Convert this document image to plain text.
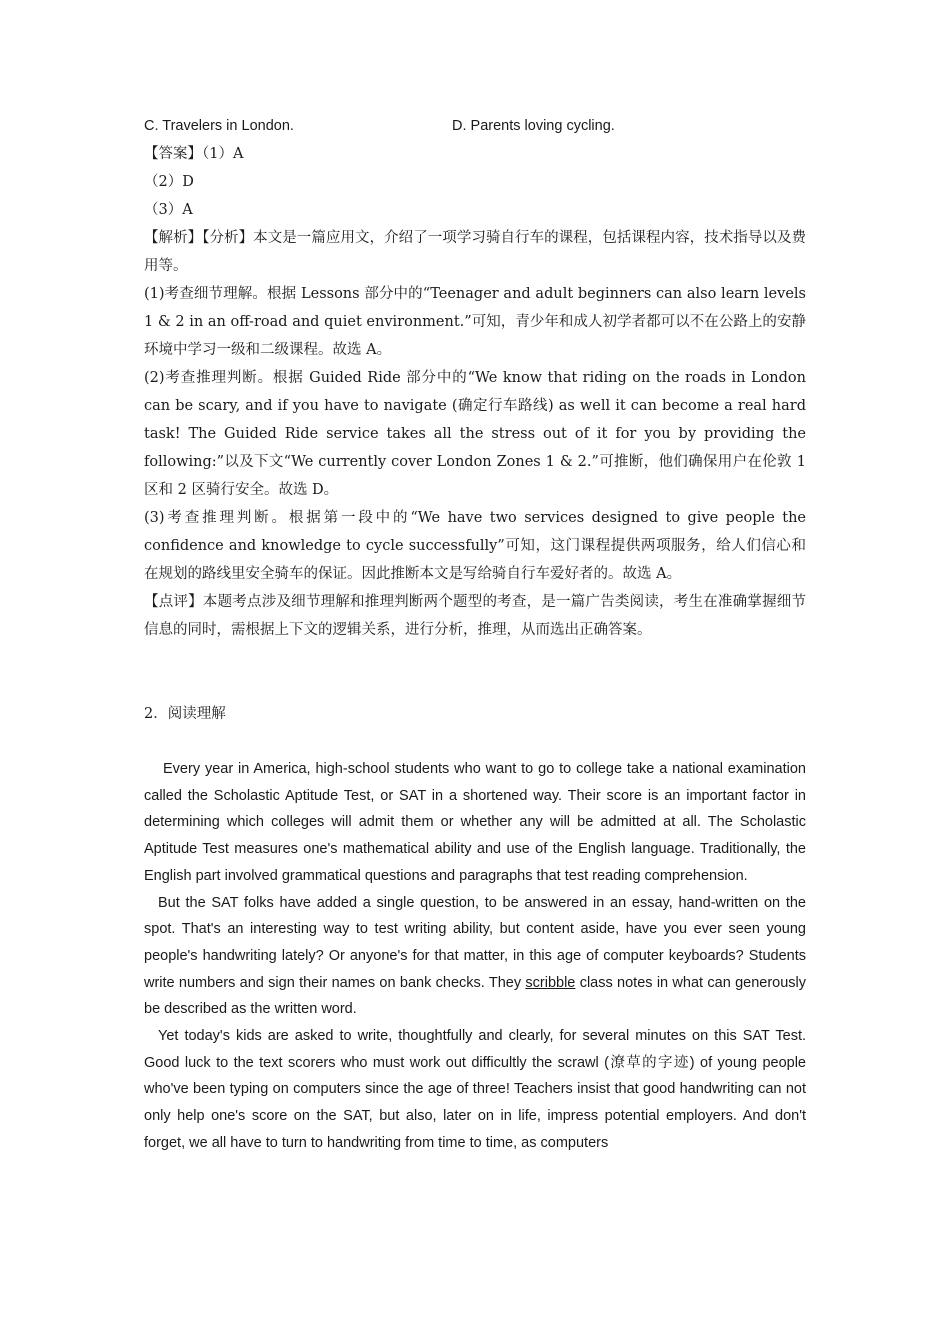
C. Travelers in London.	D. Parents loving cycling.
【答案】（1）A
（2）D
（3）A

【解析】【分析】本文是一篇应用文，介绍了一项学习骑自行车的课程，包括课程内容，技术指导以及费用等。

(1)考查细节理解。根据 Lessons 部分中的“Teenager and adult beginners can also learn levels 1 & 2 in an off-road and quiet environment.”可知，青少年和成人初学者都可以不在公路上的安静环境中学习一级和二级课程。故选 A。

(2)考查推理判断。根据 Guided Ride 部分中的“We know that riding on the roads in London can be scary, and if you have to navigate (确定行车路线) as well it can become a real hard task! The Guided Ride service takes all the stress out of it for you by providing the following:”以及下文“We currently cover London Zones 1 & 2.”可推断，他们确保用户在伦敦 1 区和 2 区骑行安全。故选 D。

(3)考查推理判断。根据第一段中的“We have two services designed to give people the confidence and knowledge to cycle successfully”可知，这门课程提供两项服务，给人们信心和在规划的路线里安全骑车的保证。因此推断本文是写给骑自行车爱好者的。故选 A。

【点评】本题考点涉及细节理解和推理判断两个题型的考查，是一篇广告类阅读，考生在准确掌握细节信息的同时，需根据上下文的逻辑关系，进行分析，推理，从而选出正确答案。

2．阅读理解

Every year in America, high-school students who want to go to college take a national examination called the Scholastic Aptitude Test, or SAT in a shortened way. Their score is an important factor in determining which colleges will admit them or whether any will be admitted at all. The Scholastic Aptitude Test measures one's mathematical ability and use of the English language. Traditionally, the English part involved grammatical questions and paragraphs that test reading comprehension.

But the SAT folks have added a single question, to be answered in an essay, hand-written on the spot. That's an interesting way to test writing ability, but content aside, have you ever seen young people's handwriting lately? Or anyone's for that matter, in this age of computer keyboards? Students write numbers and sign their names on bank checks. They scribble class notes in what can generously be described as the written word.

Yet today's kids are asked to write, thoughtfully and clearly, for several minutes on this SAT Test. Good luck to the text scorers who must work out difficultly the scrawl (潦草的字迹) of young people who've been typing on computers since the age of three! Teachers insist that good handwriting can not only help one's score on the SAT, but also, later on in life, impress potential employers. And don't forget, we all have to turn to handwriting from time to time, as computers
